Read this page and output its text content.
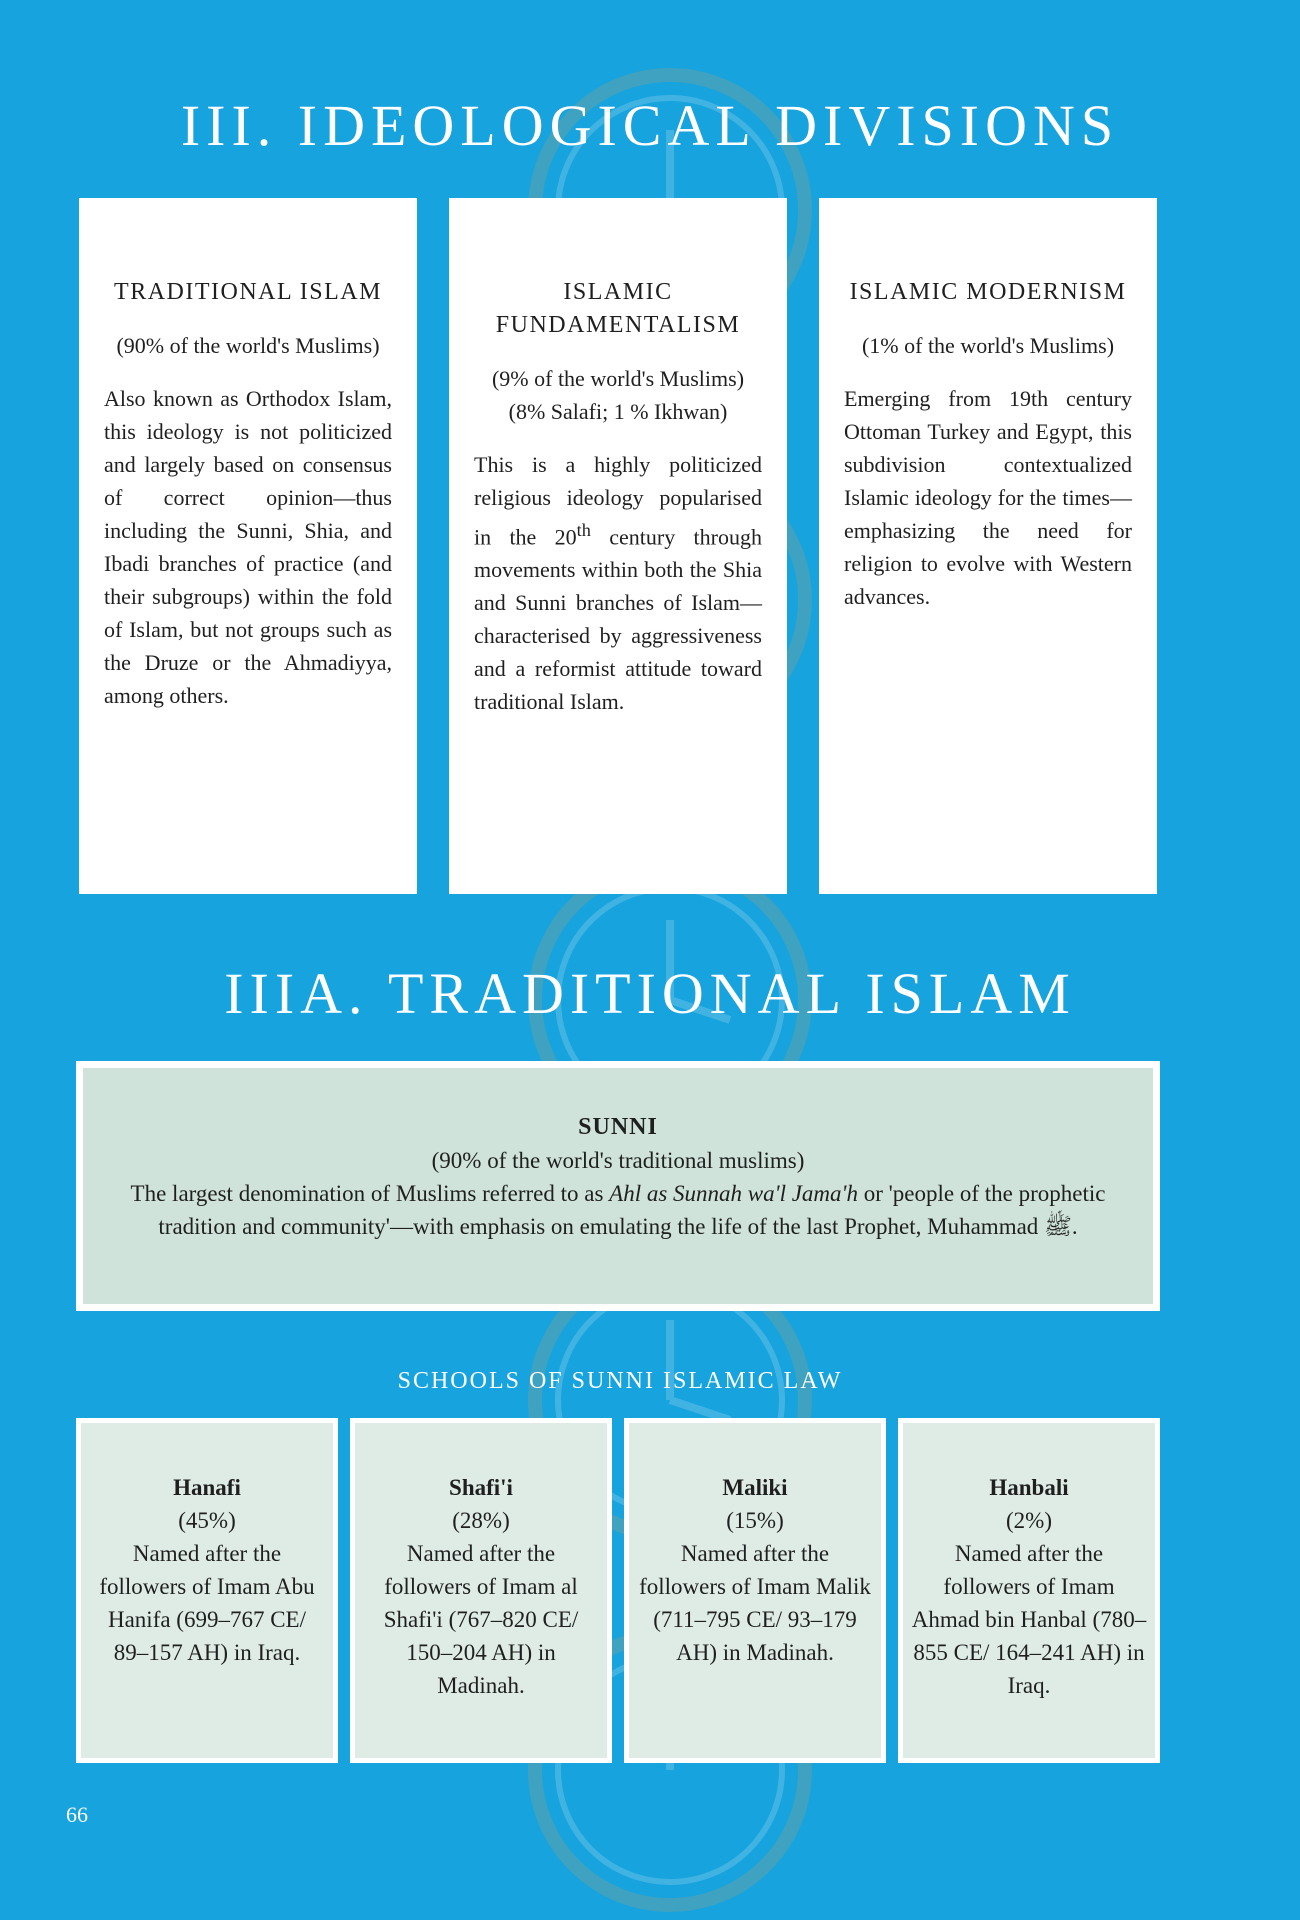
III. IDEOLOGICAL DIVISIONS
TRADITIONAL ISLAM

(90% of the world's Muslims)

Also known as Orthodox Islam, this ideology is not politicized and largely based on consensus of correct opinion—thus including the Sunni, Shia, and Ibadi branches of practice (and their subgroups) within the fold of Islam, but not groups such as the Druze or the Ahmadiyya, among others.

ISLAMIC FUNDAMENTALISM

(9% of the world's Muslims)
(8% Salafi; 1 % Ikhwan)

This is a highly politicized religious ideology popularised in the 20th century through movements within both the Shia and Sunni branches of Islam—characterised by aggressiveness and a reformist attitude toward traditional Islam.

ISLAMIC MODERNISM

(1% of the world's Muslims)

Emerging from 19th century Ottoman Turkey and Egypt, this subdivision contextualized Islamic ideology for the times—emphasizing the need for religion to evolve with Western advances.

IIIA. TRADITIONAL ISLAM
SUNNI

(90% of the world's traditional muslims)

The largest denomination of Muslims referred to as Ahl as Sunnah wa'l Jama'h or 'people of the prophetic tradition and community'—with emphasis on emulating the life of the last Prophet, Muhammad ﷺ.

SCHOOLS OF SUNNI ISLAMIC LAW

Hanafi

(45%)

Named after the followers of Imam Abu Hanifa (699–767 CE/ 89–157 AH) in Iraq.

Shafi'i

(28%)

Named after the followers of Imam al Shafi'i (767–820 CE/ 150–204 AH) in Madinah.

Maliki

(15%)

Named after the followers of Imam Malik (711–795 CE/ 93–179 AH) in Madinah.

Hanbali

(2%)

Named after the followers of Imam Ahmad bin Hanbal (780–855 CE/ 164–241 AH) in Iraq.

66
